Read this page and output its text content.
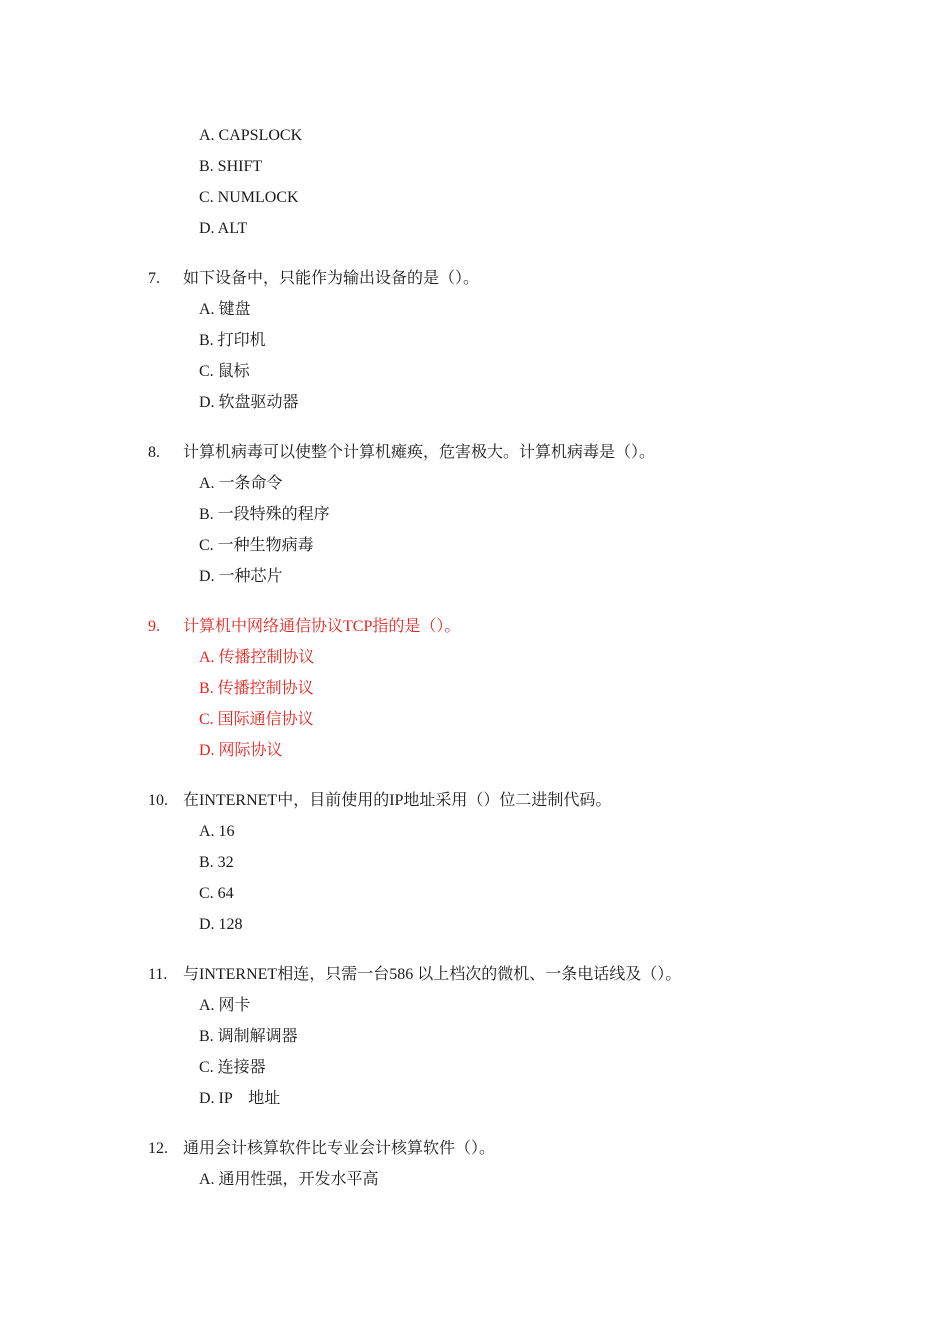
A. CAPSLOCK
B. SHIFT
C. NUMLOCK
D. ALT
7. 如下设备中，只能作为输出设备的是（）。
A. 键盘
B. 打印机
C. 鼠标
D. 软盘驱动器
8. 计算机病毒可以使整个计算机瘫痪，危害极大。计算机病毒是（）。
A. 一条命令
B. 一段特殊的程序
C. 一种生物病毒
D. 一种芯片
9. 计算机中网络通信协议TCP指的是（）。
A. 传播控制协议
B. 传播控制协议
C. 国际通信协议
D. 网际协议
10. 在INTERNET中，目前使用的IP地址采用（）位二进制代码。
A. 16
B. 32
C. 64
D. 128
11. 与INTERNET相连，只需一台586 以上档次的微机、一条电话线及（）。
A. 网卡
B. 调制解调器
C. 连接器
D. IP　地址
12. 通用会计核算软件比专业会计核算软件（）。
A. 通用性强，开发水平高
